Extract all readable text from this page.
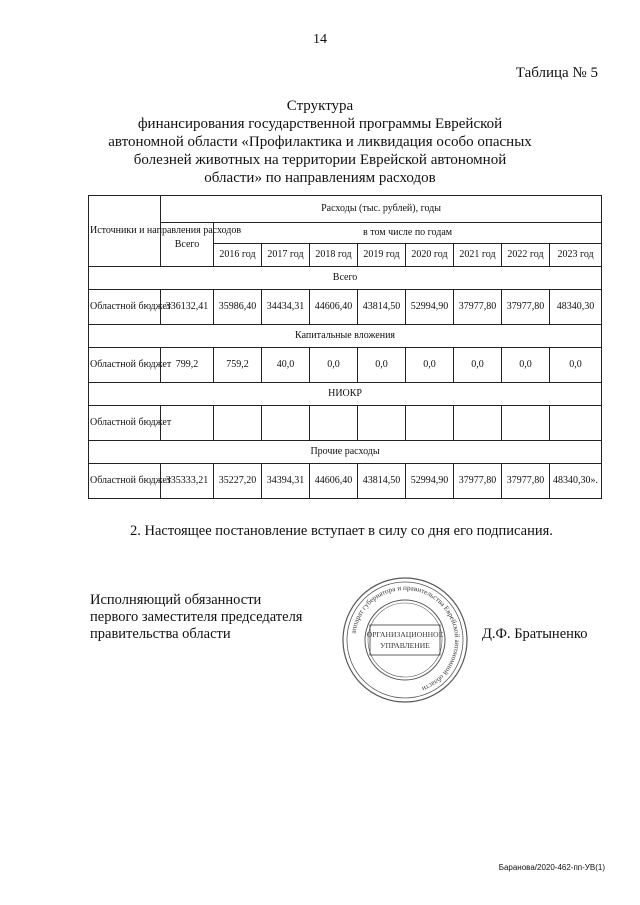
14
Таблица № 5
Структура
финансирования государственной программы Еврейской
автономной области «Профилактика и ликвидация особо опасных
болезней животных на территории Еврейской автономной
области» по направлениям расходов
Источники и направления расходов	Расходы (тыс. рублей), годы								
	Всего	в том числе по годам							
		2016 год	2017 год	2018 год	2019 год	2020 год	2021 год	2022 год	2023 год
Всего									
Областной бюджет	336132,41	35986,40	34434,31	44606,40	43814,50	52994,90	37977,80	37977,80	48340,30
Капитальные вложения									
Областной бюджет	799,2	759,2	40,0	0,0	0,0	0,0	0,0	0,0	0,0
НИОКР									
Областной бюджет									
Прочие расходы									
Областной бюджет	335333,21	35227,20	34394,31	44606,40	43814,50	52994,90	37977,80	37977,80	48340,30».
2. Настоящее постановление вступает в силу со дня его подписания.
Исполняющий обязанности
первого заместителя председателя
правительства области	аппарат губернатора и правительства Еврейской автономной области
ОРГАНИЗАЦИОННОЕ
УПРАВЛЕНИЕ
Д.Ф. Братыненко
Баранова/2020-462-пп-УВ(1)
